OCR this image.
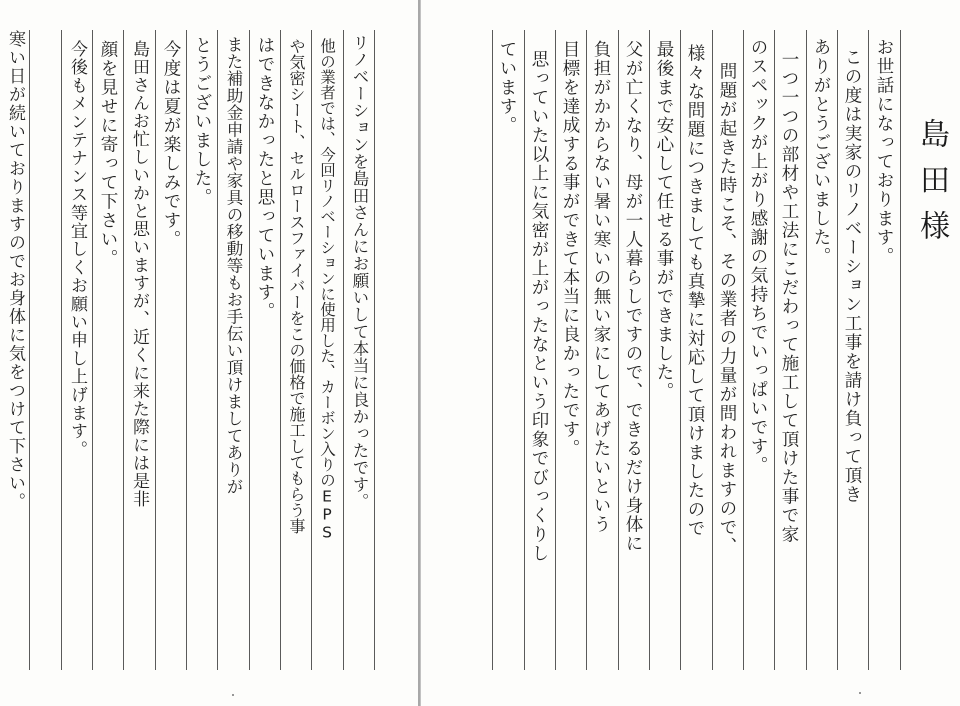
島田様
お世話になっております。
この度は実家のリノベーション工事を請け負って頂き
ありがとうございました。
一つ一つの部材や工法にこだわって施工して頂けた事で家
のスペックが上がり感謝の気持ちでいっぱいです。
問題が起きた時こそ、その業者の力量が問われますので、
様々な問題につきましても真摯に対応して頂けましたので
最後まで安心して任せる事ができました。
父が亡くなり、母が一人暮らしですので、できるだけ身体に
負担がかからない暑い寒いの無い家にしてあげたいという
目標を達成する事ができて本当に良かったです。
思っていた以上に気密が上がったなという印象でびっくりし
ています。
リノベーションを島田さんにお願いして本当に良かったです。
他の業者では、今回リノベーションに使用した、カーボン入りのEPS
や気密シート、セルロースファイバーをこの価格で施工してもらう事
はできなかったと思っています。
また補助金申請や家具の移動等もお手伝い頂けましてありが
とうございました。
今度は夏が楽しみです。
島田さんお忙しいかと思いますが、近くに来た際には是非
顔を見せに寄って下さい。
今後もメンテナンス等宜しくお願い申し上げます。
寒い日が続いておりますのでお身体に気をつけて下さい。
